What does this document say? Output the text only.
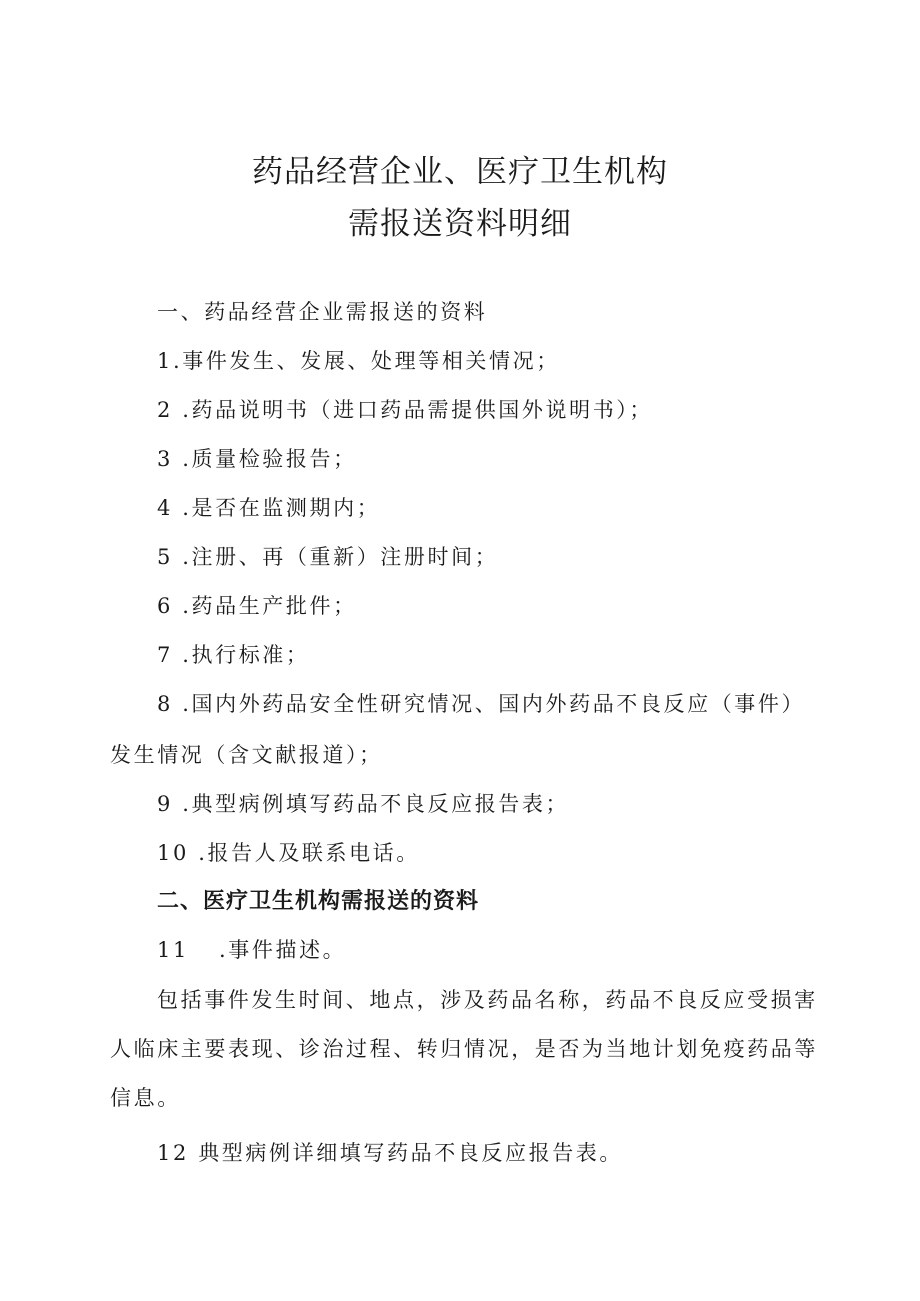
药品经营企业、医疗卫生机构
需报送资料明细
一、药品经营企业需报送的资料
1.事件发生、发展、处理等相关情况；
2 .药品说明书（进口药品需提供国外说明书）；
3 .质量检验报告；
4 .是否在监测期内；
5 .注册、再（重新）注册时间；
6 .药品生产批件；
7 .执行标准；
8 .国内外药品安全性研究情况、国内外药品不良反应（事件）
发生情况（含文献报道）；
9 .典型病例填写药品不良反应报告表；
10 .报告人及联系电话。
二、医疗卫生机构需报送的资料
11 .事件描述。
包括事件发生时间、地点，涉及药品名称，药品不良反应受损害
人临床主要表现、诊治过程、转归情况，是否为当地计划免疫药品等
信息。
12 典型病例详细填写药品不良反应报告表。
